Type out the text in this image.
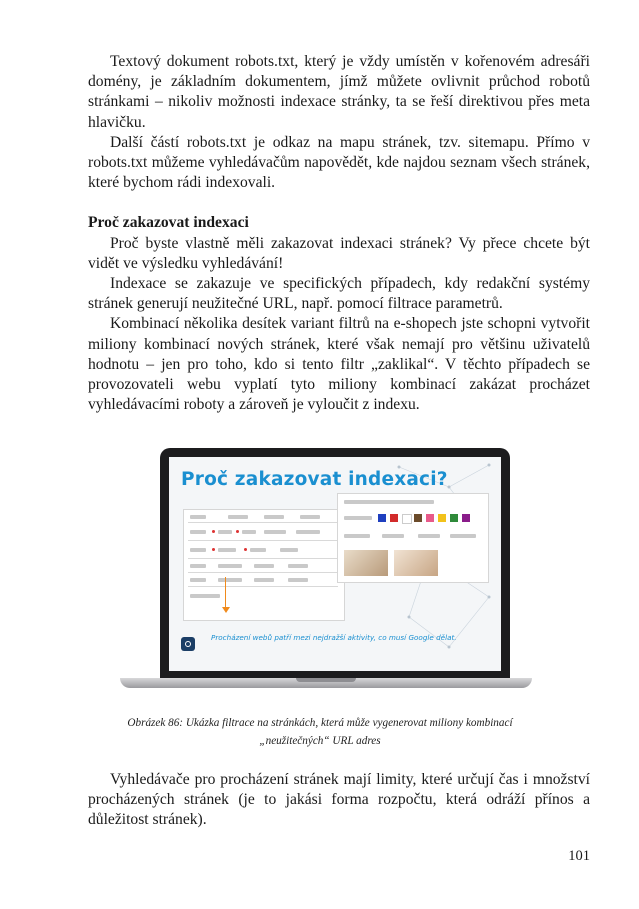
Textový dokument robots.txt, který je vždy umístěn v kořenovém adresáři domény, je základním dokumentem, jímž můžete ovlivnit průchod robotů stránkami – nikoliv možnosti indexace stránky, ta se řeší direktivou přes meta hlavičku.

Další částí robots.txt je odkaz na mapu stránek, tzv. sitemapu. Přímo v robots.txt můžeme vyhledávačům napovědět, kde najdou seznam všech stránek, které bychom rádi indexovali.

Proč zakazovat indexaci

Proč byste vlastně měli zakazovat indexaci stránek? Vy přece chcete být vidět ve výsledku vyhledávání!

Indexace se zakazuje ve specifických případech, kdy redakční systémy stránek generují neužitečné URL, např. pomocí filtrace parametrů.

Kombinací několika desítek variant filtrů na e-shopech jste schopni vytvořit miliony kombinací nových stránek, které však nemají pro většinu uživatelů hodnotu – jen pro toho, kdo si tento filtr „zaklikal“. V těchto případech se provozovateli webu vyplatí tyto miliony kombinací zakázat procházet vyhledávacími roboty a zároveň je vyloučit z indexu.

Proč zakazovat indexaci?
Procházení webů patří mezi nejdražší aktivity, co musí Google dělat.
Obrázek 86: Ukázka filtrace na stránkách, která může vygenerovat miliony kombinací
„neužitečných“ URL adres

Vyhledávače pro procházení stránek mají limity, které určují čas i množství procházených stránek (je to jakási forma rozpočtu, která odráží přínos a důležitost stránek).

101
